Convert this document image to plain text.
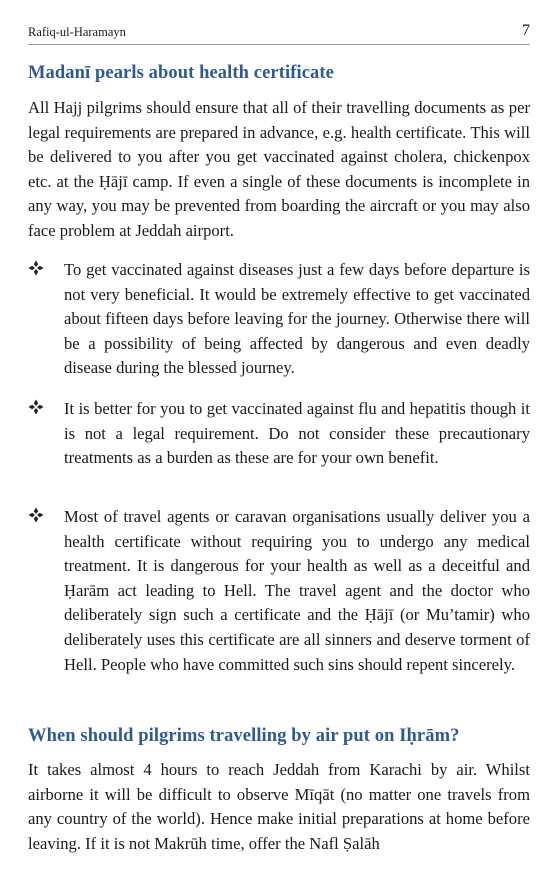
Rafiq-ul-Haramayn	7
Madanī pearls about health certificate

All Hajj pilgrims should ensure that all of their travelling documents as per legal requirements are prepared in advance, e.g. health certificate. This will be delivered to you after you get vaccinated against cholera, chickenpox etc. at the Ḥājī camp. If even a single of these documents is incomplete in any way, you may be prevented from boarding the aircraft or you may also face problem at Jeddah airport.

To get vaccinated against diseases just a few days before departure is not very beneficial. It would be extremely effective to get vaccinated about fifteen days before leaving for the journey. Otherwise there will be a possibility of being affected by dangerous and even deadly disease during the blessed journey.

It is better for you to get vaccinated against flu and hepatitis though it is not a legal requirement. Do not consider these precautionary treatments as a burden as these are for your own benefit.

Most of travel agents or caravan organisations usually deliver you a health certificate without requiring you to undergo any medical treatment. It is dangerous for your health as well as a deceitful and Ḥarām act leading to Hell. The travel agent and the doctor who deliberately sign such a certificate and the Ḥājī (or Mu’tamir) who deliberately uses this certificate are all sinners and deserve torment of Hell. People who have committed such sins should repent sincerely.

When should pilgrims travelling by air put on Iḥrām?

It takes almost 4 hours to reach Jeddah from Karachi by air. Whilst airborne it will be difficult to observe Mīqāt (no matter one travels from any country of the world). Hence make initial preparations at home before leaving. If it is not Makrūh time, offer the Nafl Ṣalāh
